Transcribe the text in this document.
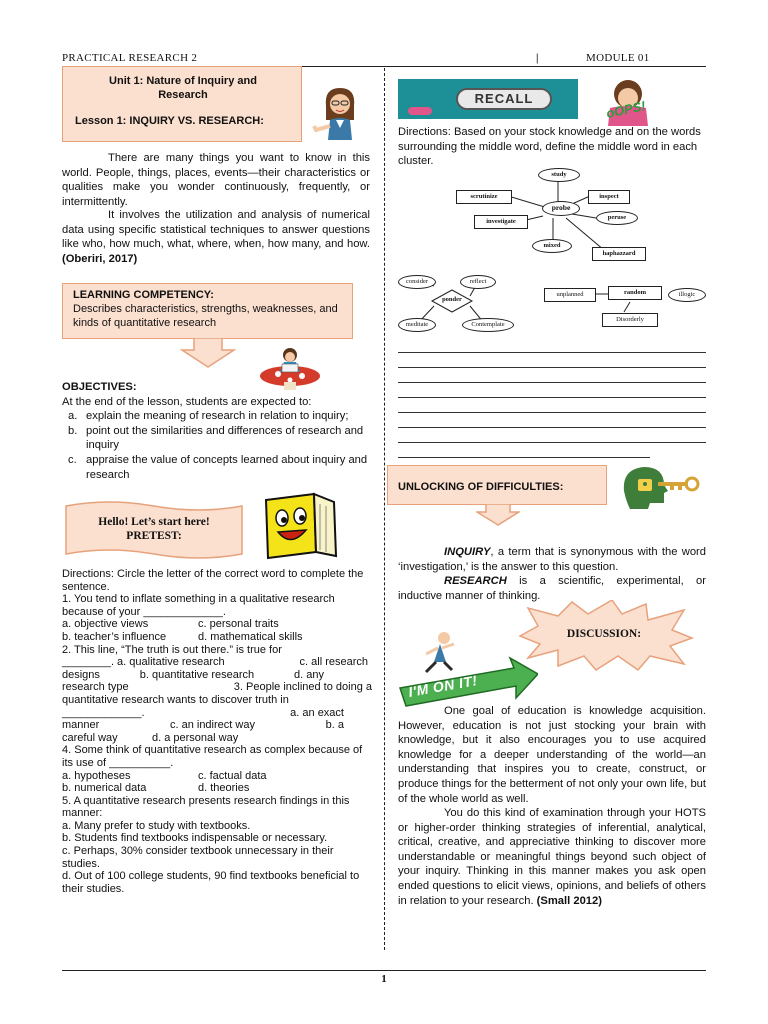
PRACTICAL RESEARCH 2	|	MODULE 01
Unit 1: Nature of Inquiry and Research
Lesson 1: INQUIRY VS. RESEARCH:
There are many things you want to know in this world. People, things, places, events—their characteristics or qualities make you wonder continuously, frequently, or intermittently.
It involves the utilization and analysis of numerical data using specific statistical techniques to answer questions like who, how much, what, where, when, how many, and how. (Oberiri, 2017)
LEARNING COMPETENCY:
Describes characteristics, strengths, weaknesses, and kinds of quantitative research
OBJECTIVES:
At the end of the lesson, students are expected to:
a. explain the meaning of research in relation to inquiry;
b. point out the similarities and differences of research and inquiry
c. appraise the value of concepts learned about inquiry and research
Hello! Let’s start here!
PRETEST:
Directions: Circle the letter of the correct word to complete the sentence.
1. You tend to inflate something in a qualitative research because of your _____________.
a. objective views	c. personal traits
b. teacher’s influence	d. mathematical skills
2. This line, “The truth is out there.” is true for
________. a. qualitative research	c. all research
designs	b. quantitative research	d. any
research type	3. People inclined to doing a
quantitative research wants to discover truth in
_____________.	a. an exact
manner	c. an indirect way	b. a
careful way	d. a personal way
4. Some think of quantitative research as complex because of its use of __________.
a. hypotheses	c. factual data
b. numerical data	d. theories
5. A quantitative research presents research findings in this manner:
a. Many prefer to study with textbooks.
b. Students find textbooks indispensable or necessary.
c. Perhaps, 30% consider textbook unnecessary in their studies.
d. Out of 100 college students, 90 find textbooks beneficial to their studies.
RECALL	oOPS!
Directions: Based on your stock knowledge and on the words surrounding the middle word, define the middle word in each cluster.
study
scrutinize	inspect
probe
investigate
peruse
mixed
haphazzard
consider	reflect
ponder
meditate	Contemplate
unplanned	random	illogic
Disorderly
UNLOCKING OF DIFFICULTIES:
INQUIRY, a term that is synonymous with the word ‘investigation,’ is the answer to this question.
RESEARCH is a scientific, experimental, or inductive manner of thinking.
DISCUSSION:
I'M ON IT!
One goal of education is knowledge acquisition. However, education is not just stocking your brain with knowledge, but it also encourages you to use acquired knowledge for a deeper understanding of the world—an understanding that inspires you to create, construct, or produce things for the betterment of not only your own life, but of the whole world as well.
You do this kind of examination through your HOTS or higher-order thinking strategies of inferential, analytical, critical, creative, and appreciative thinking to discover more understandable or meaningful things beyond such object of your inquiry. Thinking in this manner makes you ask open ended questions to elicit views, opinions, and beliefs of others in relation to your research. (Small 2012)
1
